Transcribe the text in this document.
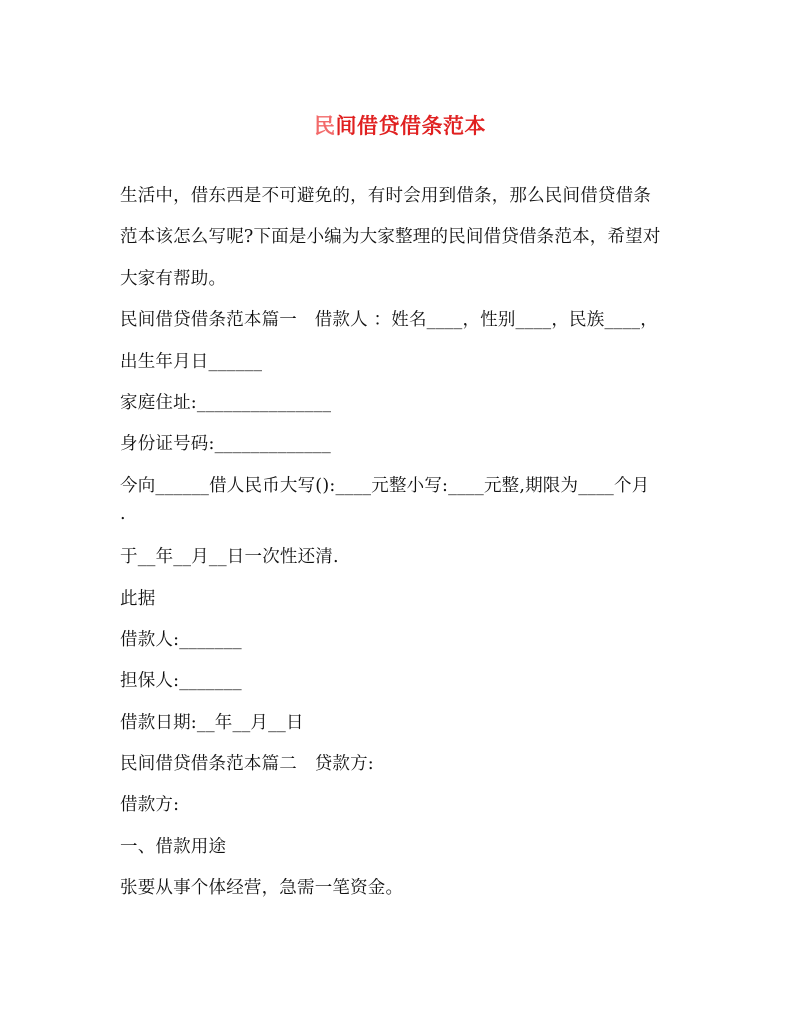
民间借贷借条范本
生活中，借东西是不可避免的，有时会用到借条，那么民间借贷借条
范本该怎么写呢?下面是小编为大家整理的民间借贷借条范本，希望对
大家有帮助。
民间借贷借条范本篇一　借款人 ：姓名____，性别____，民族____，
出生年月日______
家庭住址:_______________
身份证号码:_____________
今向______借人民币大写():____元整小写:____元整,期限为____个月
.
于__年__月__日一次性还清.
此据
借款人:_______
担保人:_______
借款日期:__年__月__日
民间借贷借条范本篇二　贷款方:
借款方:
一、借款用途
张要从事个体经营，急需一笔资金。
